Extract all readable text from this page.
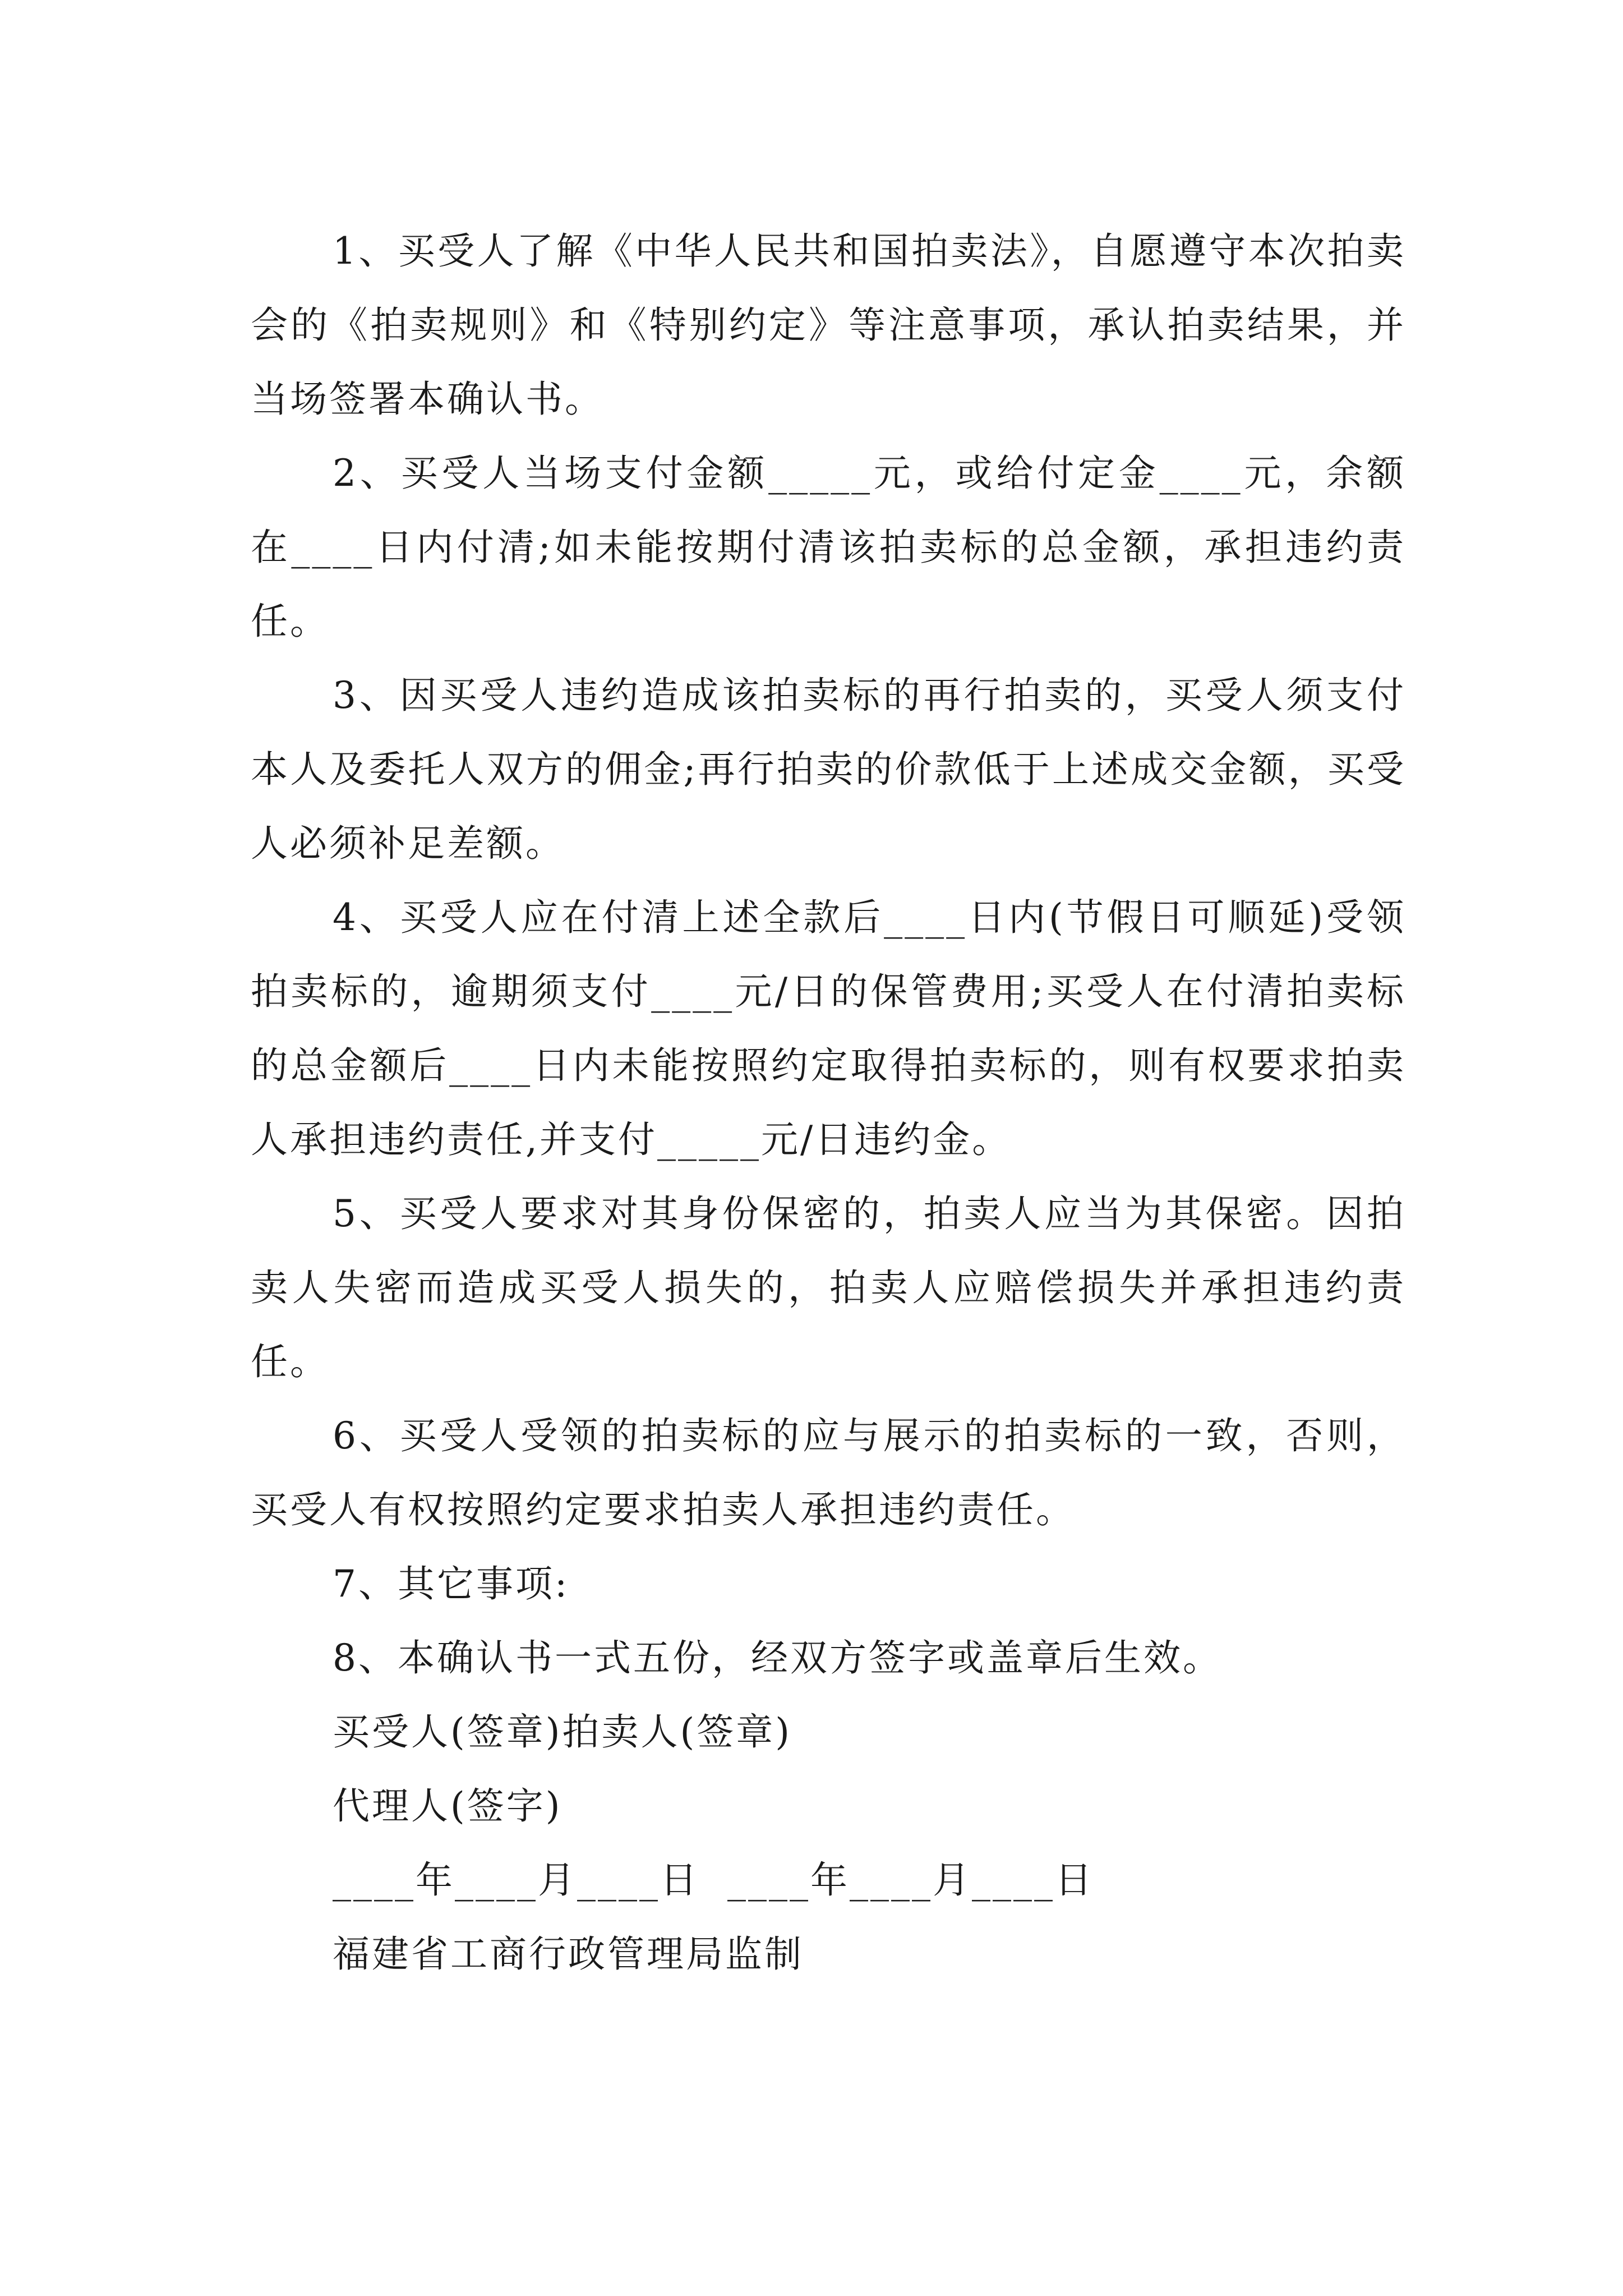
1、买受人了解《中华人民共和国拍卖法》，自愿遵守本次拍卖会的《拍卖规则》和《特别约定》等注意事项，承认拍卖结果，并当场签署本确认书。

2、买受人当场支付金额_____元，或给付定金____元，余额在____日内付清;如未能按期付清该拍卖标的总金额，承担违约责任。

3、因买受人违约造成该拍卖标的再行拍卖的，买受人须支付本人及委托人双方的佣金;再行拍卖的价款低于上述成交金额，买受人必须补足差额。

4、买受人应在付清上述全款后____日内(节假日可顺延)受领拍卖标的，逾期须支付____元/日的保管费用;买受人在付清拍卖标的总金额后____日内未能按照约定取得拍卖标的，则有权要求拍卖人承担违约责任,并支付_____元/日违约金。

5、买受人要求对其身份保密的，拍卖人应当为其保密。因拍卖人失密而造成买受人损失的，拍卖人应赔偿损失并承担违约责任。

6、买受人受领的拍卖标的应与展示的拍卖标的一致，否则，买受人有权按照约定要求拍卖人承担违约责任。

7、其它事项:

8、本确认书一式五份，经双方签字或盖章后生效。

买受人(签章)拍卖人(签章)

代理人(签字)

____年____月____日  ____年____月____日

福建省工商行政管理局监制
